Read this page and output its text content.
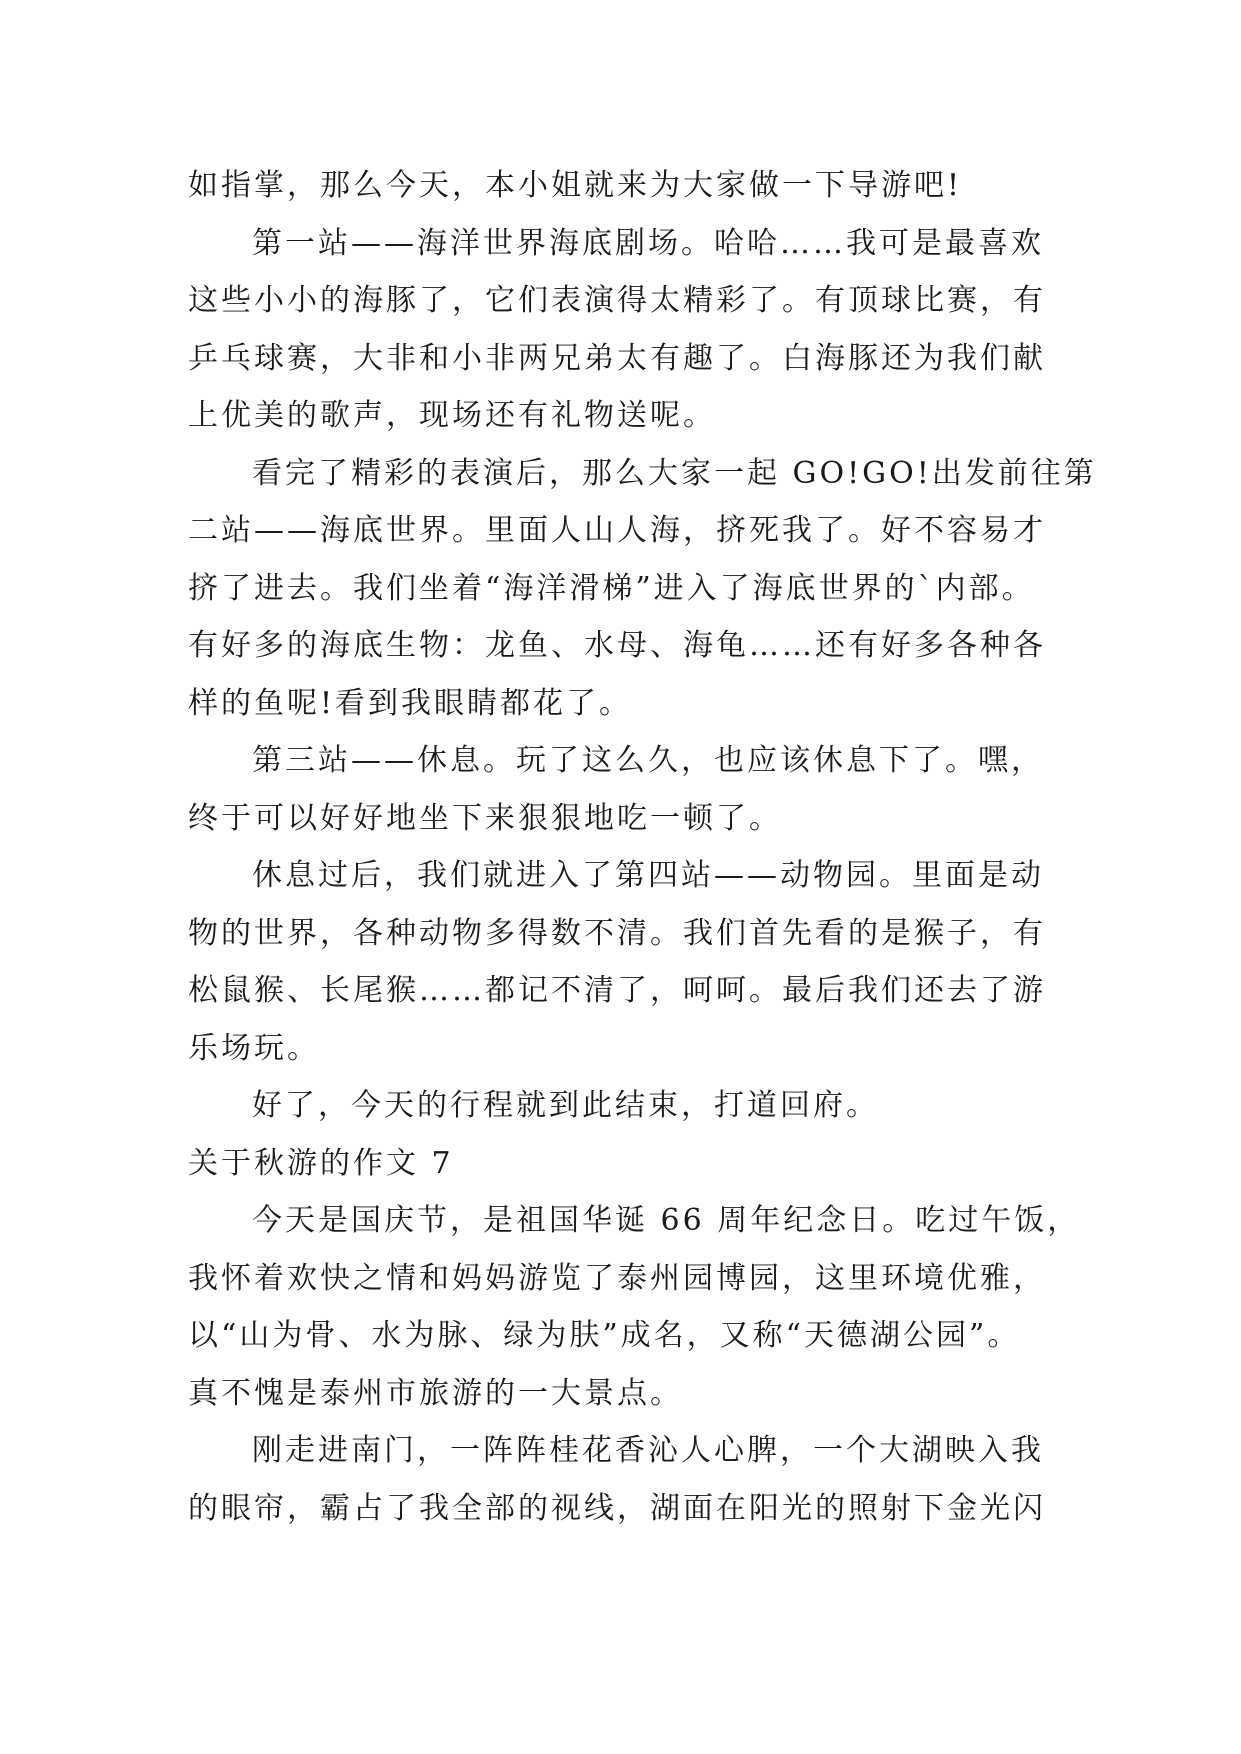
如指掌，那么今天，本小姐就来为大家做一下导游吧!
第一站——海洋世界海底剧场。哈哈……我可是最喜欢
这些小小的海豚了，它们表演得太精彩了。有顶球比赛，有
乒乓球赛，大非和小非两兄弟太有趣了。白海豚还为我们献
上优美的歌声，现场还有礼物送呢。
看完了精彩的表演后，那么大家一起 GO!GO!出发前往第
二站——海底世界。里面人山人海，挤死我了。好不容易才
挤了进去。我们坐着“海洋滑梯”进入了海底世界的`内部。
有好多的海底生物：龙鱼、水母、海龟……还有好多各种各
样的鱼呢!看到我眼睛都花了。
第三站——休息。玩了这么久，也应该休息下了。嘿，
终于可以好好地坐下来狠狠地吃一顿了。
休息过后，我们就进入了第四站——动物园。里面是动
物的世界，各种动物多得数不清。我们首先看的是猴子，有
松鼠猴、长尾猴……都记不清了，呵呵。最后我们还去了游
乐场玩。
好了，今天的行程就到此结束，打道回府。
关于秋游的作文 7
今天是国庆节，是祖国华诞 66 周年纪念日。吃过午饭，
我怀着欢快之情和妈妈游览了泰州园博园，这里环境优雅，
以“山为骨、水为脉、绿为肤”成名，又称“天德湖公园”。
真不愧是泰州市旅游的一大景点。
刚走进南门，一阵阵桂花香沁人心脾，一个大湖映入我
的眼帘，霸占了我全部的视线，湖面在阳光的照射下金光闪
